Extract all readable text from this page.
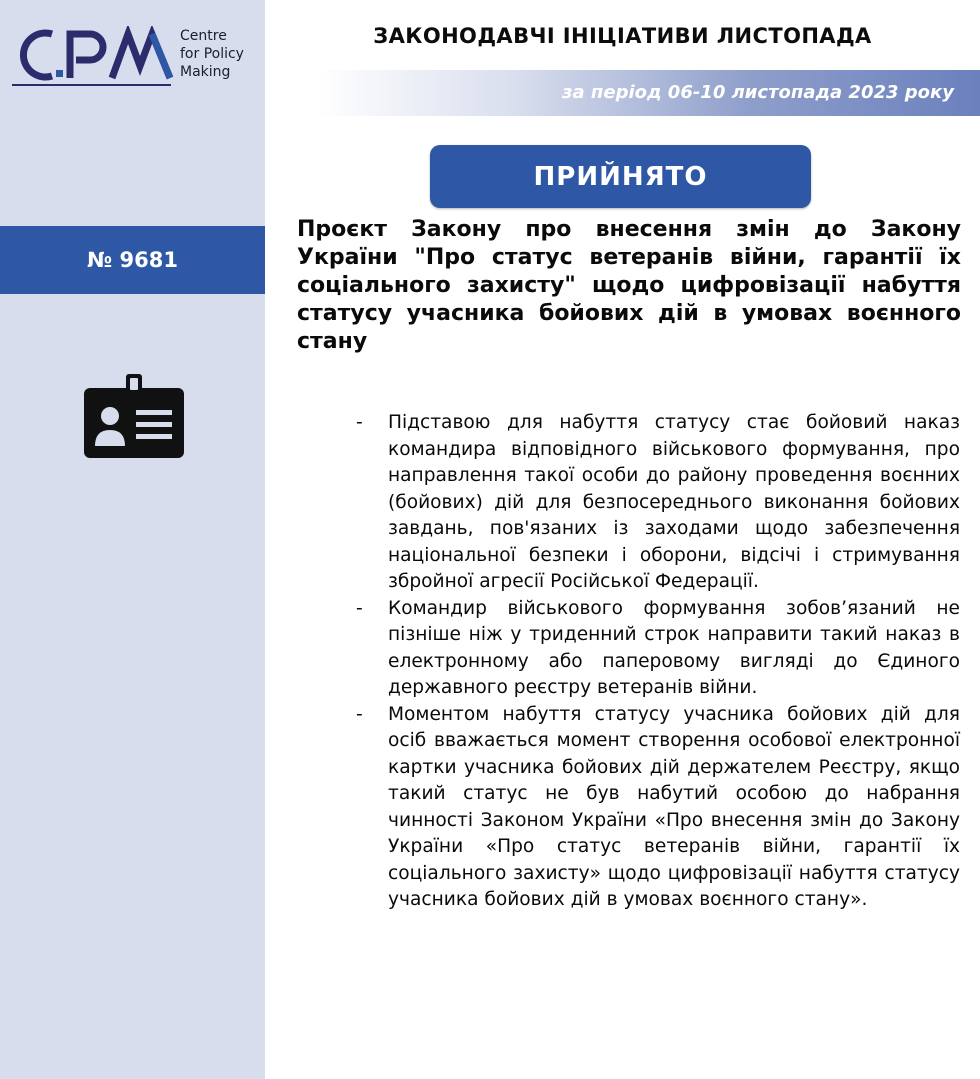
Centre
for Policy
Making
№ 9681
ЗАКОНОДАВЧІ ІНІЦІАТИВИ ЛИСТОПАДА
за період 06-10 листопада 2023 року
ПРИЙНЯТО
Проєкт Закону про внесення змін до Закону України "Про статус ветеранів війни, гарантії їх соціального захисту" щодо цифровізації набуття статусу учасника бойових дій в умовах воєнного стану
-	Підставою для набуття статусу стає бойовий наказ командира відповідного військового формування, про направлення такої особи до району проведення воєнних (бойових) дій для безпосереднього виконання бойових завдань, пов'язаних із заходами щодо забезпечення національної безпеки і оборони, відсічі і стримування збройної агресії Російської Федерації.
-	Командир військового формування зобов’язаний не пізніше ніж у триденний строк направити такий наказ в електронному або паперовому вигляді до Єдиного державного реєстру ветеранів війни.
-	Моментом набуття статусу учасника бойових дій для осіб вважається момент створення особової електронної картки учасника бойових дій держателем Реєстру, якщо такий статус не був набутий особою до набрання чинності Законом України «Про внесення змін до Закону України «Про статус ветеранів війни, гарантії їх соціального захисту» щодо цифровізації набуття статусу учасника бойових дій в умовах воєнного стану».
